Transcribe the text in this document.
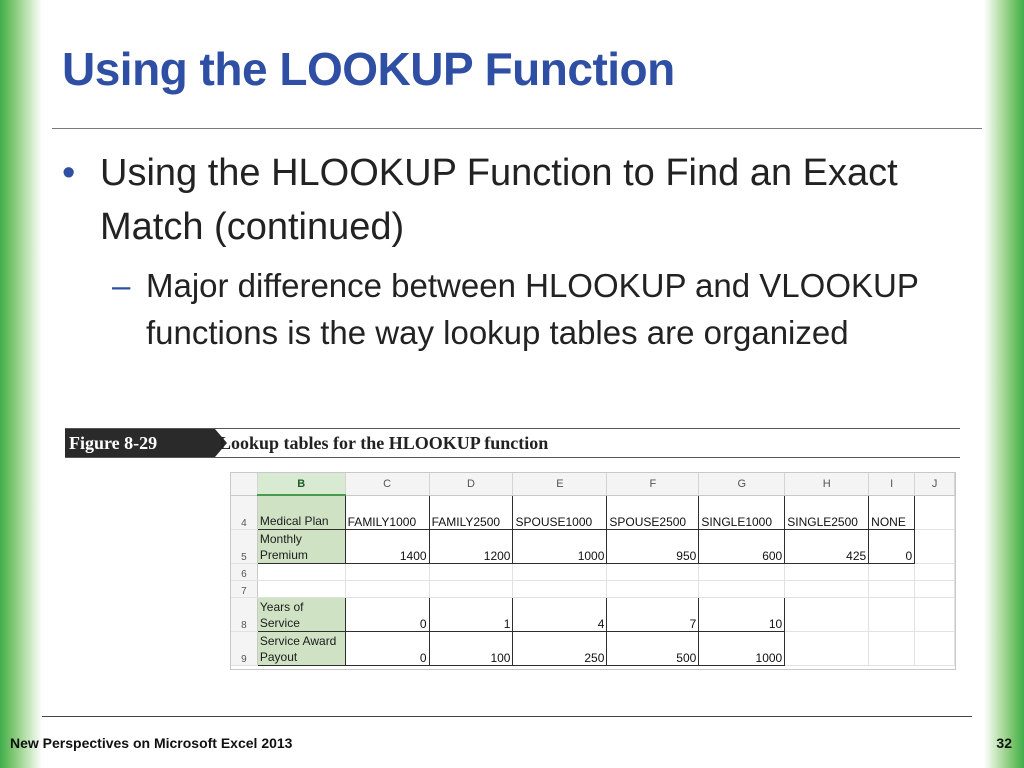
Using the LOOKUP Function
• Using the HLOOKUP Function to Find an Exact Match (continued)
– Major difference between HLOOKUP and VLOOKUP functions is the way lookup tables are organized
Figure 8-29	Lookup tables for the HLOOKUP function
	B	C	D	E	F	G	H	I	J
4	Medical Plan	FAMILY1000	FAMILY2500	SPOUSE1000	SPOUSE2500	SINGLE1000	SINGLE2500	NONE	
5	Monthly Premium	1400	1200	1000	950	600	425	0	
6									
7									
8	Years of Service	0	1	4	7	10			
9	Service Award Payout	0	100	250	500	1000			
New Perspectives on Microsoft Excel 2013	32
